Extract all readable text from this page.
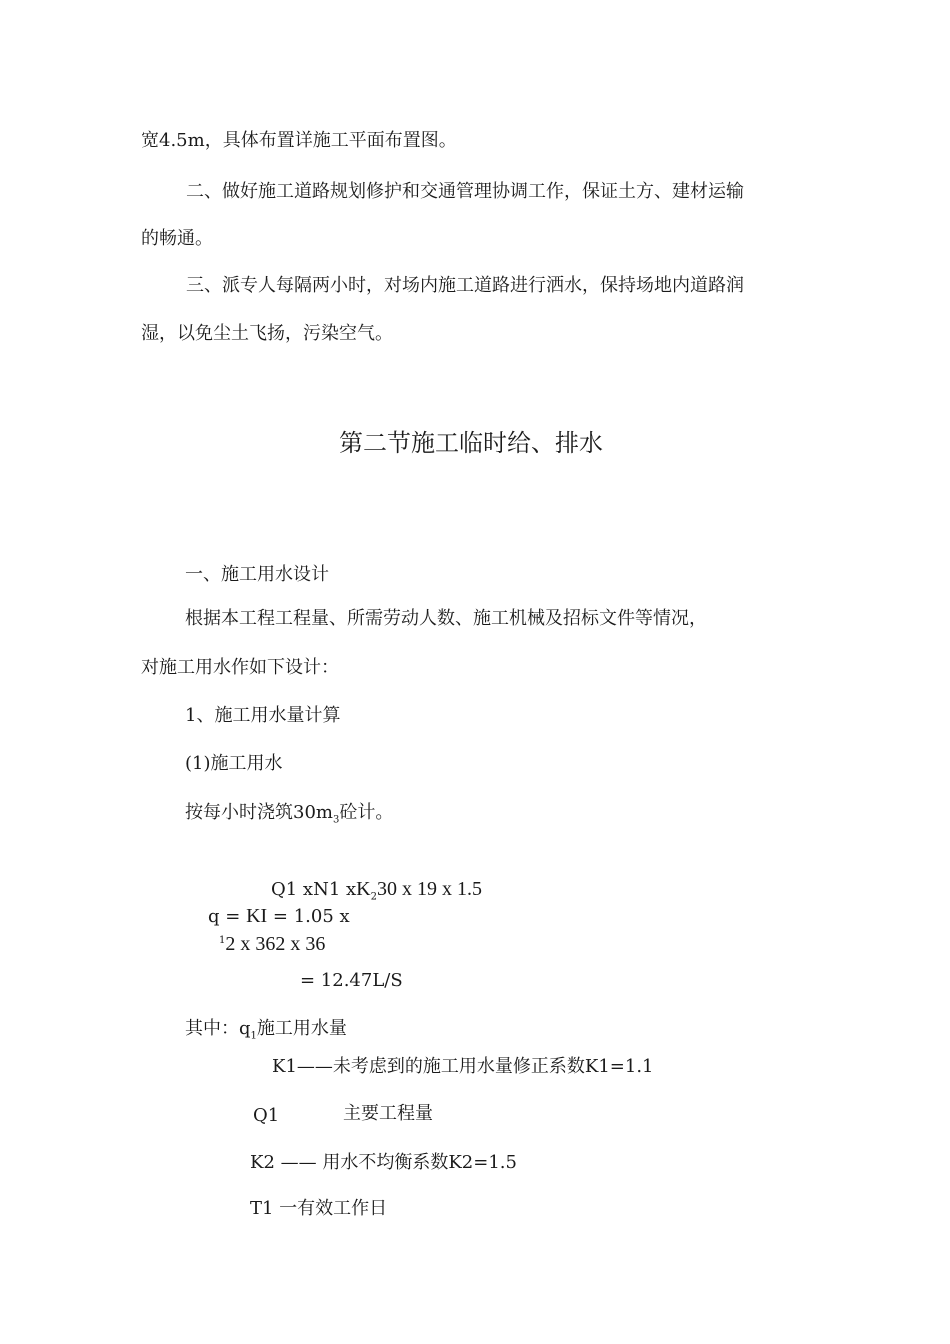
宽4.5m，具体布置详施工平面布置图。
二、做好施工道路规划修护和交通管理协调工作，保证土方、建材运输
的畅通。
三、派专人每隔两小时，对场内施工道路进行洒水，保持场地内道路润
湿，以免尘土飞扬，污染空气。
第二节施工临时给、排水
一、施工用水设计
根据本工程工程量、所需劳动人数、施工机械及招标文件等情况，
对施工用水作如下设计：
1、施工用水量计算
(1)施工用水
按每小时浇筑$30m_3$砼计。
Q1 xN1 $xK_230$ x 19 x 1.5
q = KI = 1.05 x
$^1$2 x 362 x 36
= 12.47L/S
其中：$q_1$施工用水量
K1——未考虑到的施工用水量修正系数K1=1.1
Q1	主要工程量
K2 —— 用水不均衡系数K2=1.5
T1 一有效工作日
